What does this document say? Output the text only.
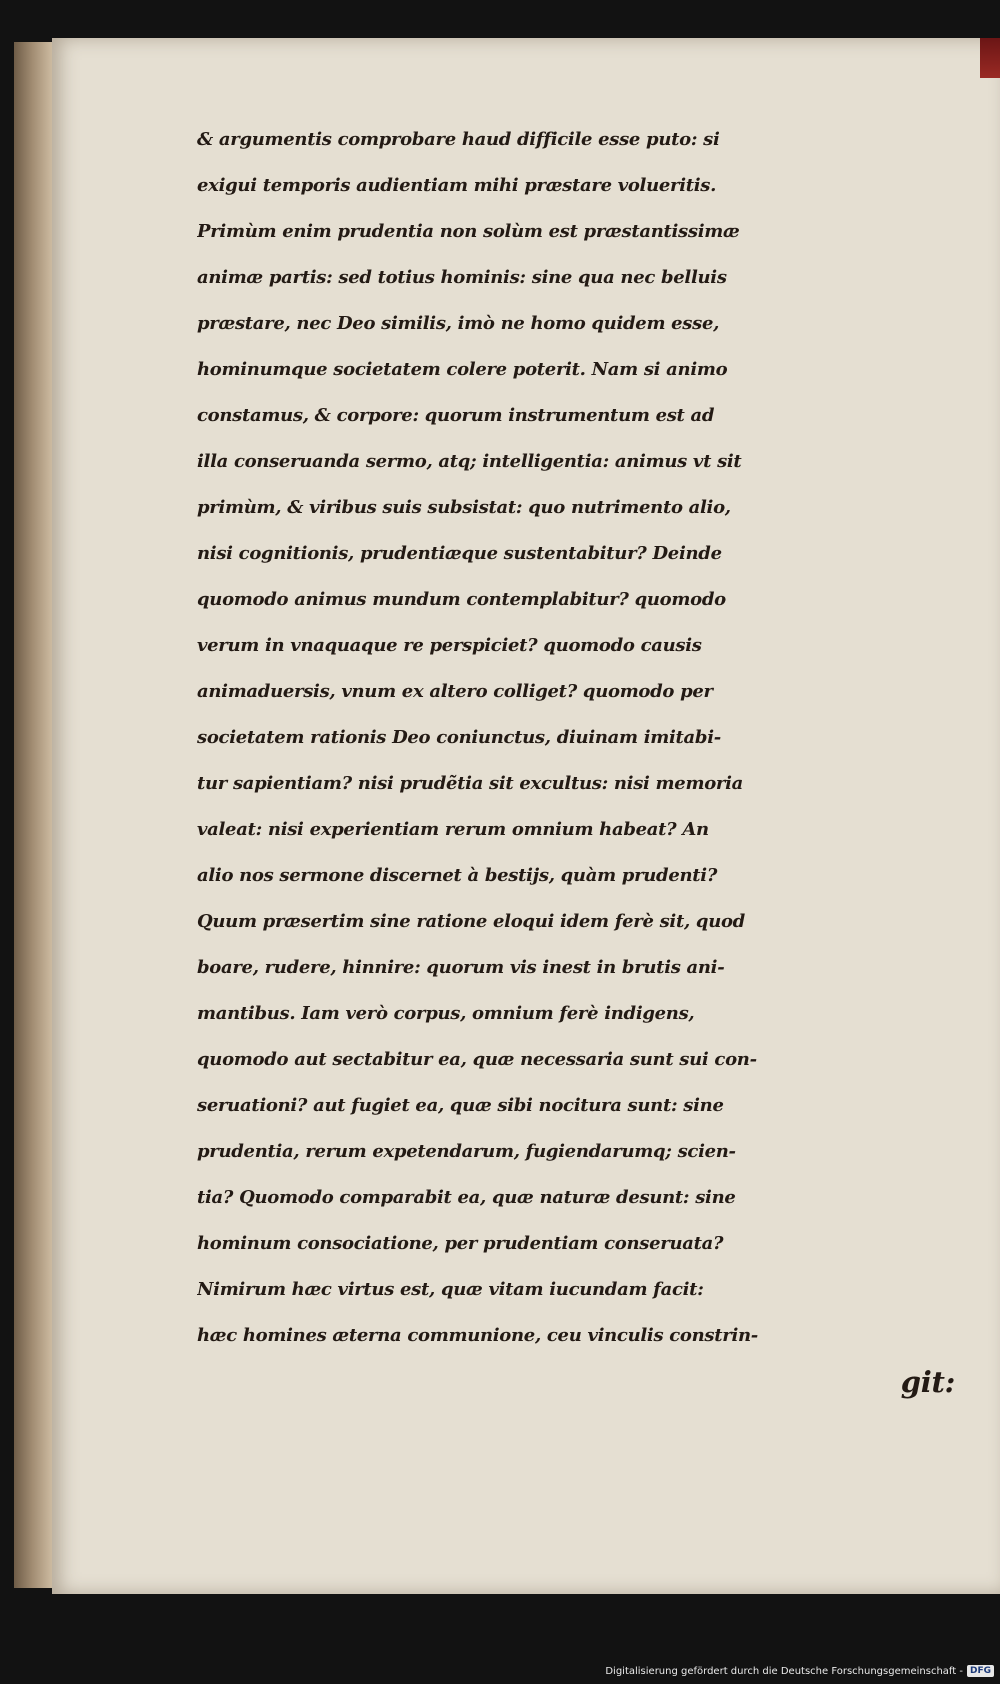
& argumentis comprobare haud difficile esse puto: si
exigui temporis audientiam mihi præstare volueritis.
Primùm enim prudentia non solùm est præstantissimæ
animæ partis: sed totius hominis: sine qua nec belluis
præstare, nec Deo similis, imò ne homo quidem esse,
hominumque societatem colere poterit. Nam si animo
constamus, & corpore: quorum instrumentum est ad
illa conseruanda sermo, atq; intelligentia: animus vt sit
primùm, & viribus suis subsistat: quo nutrimento alio,
nisi cognitionis, prudentiæque sustentabitur? Deinde
quomodo animus mundum contemplabitur? quomodo
verum in vnaquaque re perspiciet? quomodo causis
animaduersis, vnum ex altero colliget? quomodo per
societatem rationis Deo coniunctus, diuinam imitabi-
tur sapientiam? nisi prudẽtia sit excultus: nisi memoria
valeat: nisi experientiam rerum omnium habeat? An
alio nos sermone discernet à bestijs, quàm prudenti?
Quum præsertim sine ratione eloqui idem ferè sit, quod
boare, rudere, hinnire: quorum vis inest in brutis ani-
mantibus. Iam verò corpus, omnium ferè indigens,
quomodo aut sectabitur ea, quæ necessaria sunt sui con-
seruationi? aut fugiet ea, quæ sibi nocitura sunt: sine
prudentia, rerum expetendarum, fugiendarumq; scien-
tia? Quomodo comparabit ea, quæ naturæ desunt: sine
hominum consociatione, per prudentiam conseruata?
Nimirum hæc virtus est, quæ vitam iucundam facit:
hæc homines æterna communione, ceu vinculis constrin-
git:
Digitalisierung gefördert durch die Deutsche Forschungsgemeinschaft - DFG
